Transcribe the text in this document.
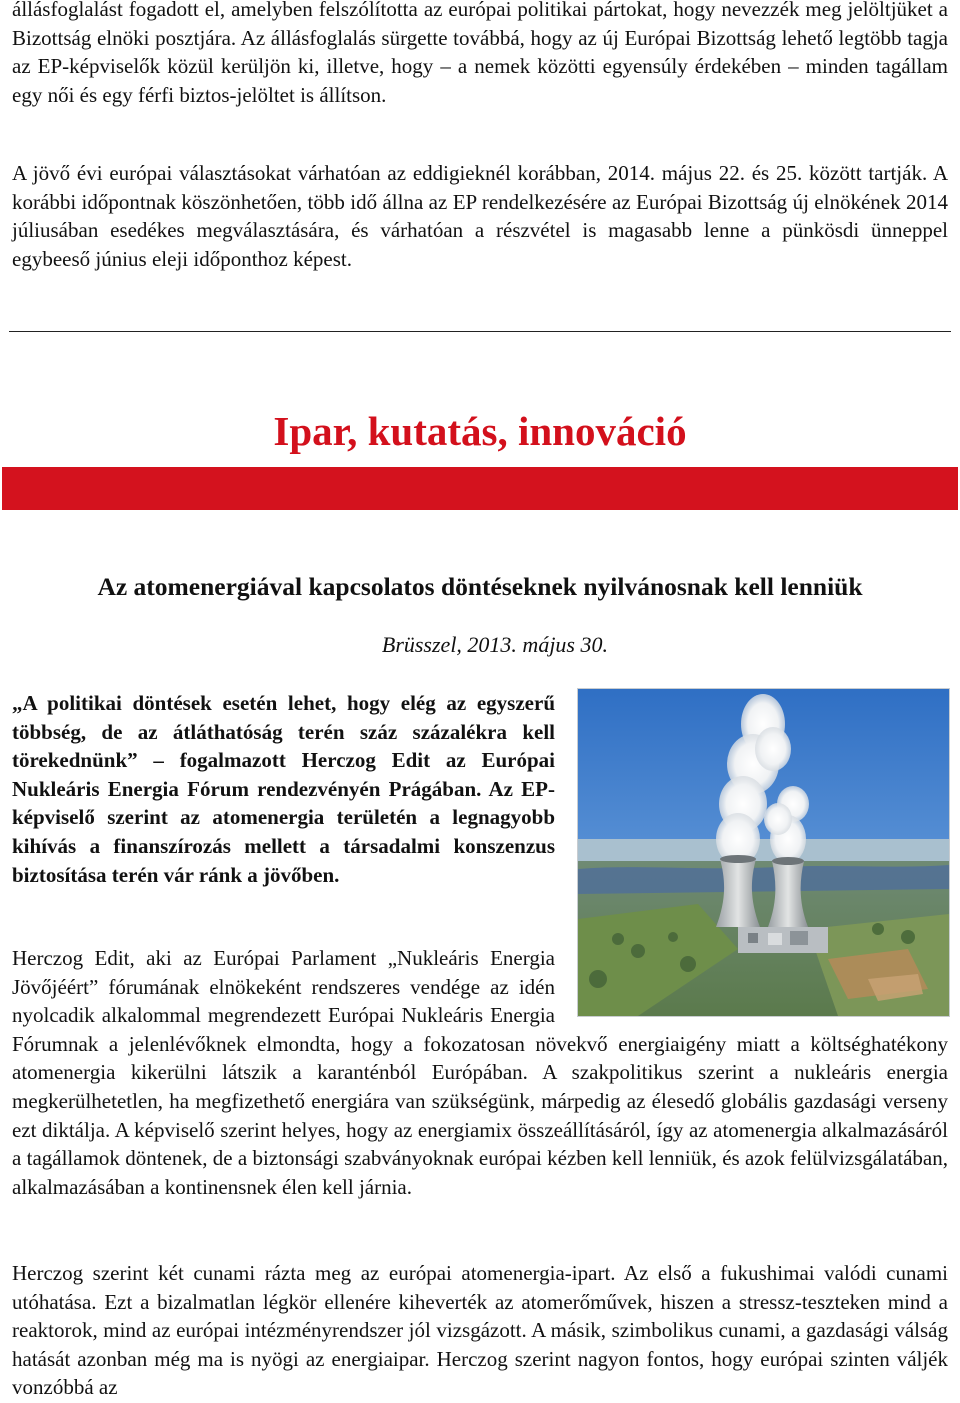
állásfoglalást fogadott el, amelyben felszólította az európai politikai pártokat, hogy nevezzék meg jelöltjüket a Bizottság elnöki posztjára. Az állásfoglalás sürgette továbbá, hogy az új Európai Bizottság lehető legtöbb tagja az EP-képviselők közül kerüljön ki, illetve, hogy – a nemek közötti egyensúly érdekében – minden tagállam egy női és egy férfi biztos-jelöltet is állítson.

A jövő évi európai választásokat várhatóan az eddigieknél korábban, 2014. május 22. és 25. között tartják. A korábbi időpontnak köszönhetően, több idő állna az EP rendelkezésére az Európai Bizottság új elnökének 2014 júliusában esedékes megválasztására, és várhatóan a részvétel is magasabb lenne a pünkösdi ünneppel egybeeső június eleji időponthoz képest.

Ipar, kutatás, innováció
Az atomenergiával kapcsolatos döntéseknek nyilvánosnak kell lenniük
Brüsszel, 2013. május 30.

„A politikai döntések esetén lehet, hogy elég az egyszerű többség, de az átláthatóság terén száz százalékra kell törekednünk” – fogalmazott Herczog Edit az Európai Nukleáris Energia Fórum rendezvényén Prágában. Az EP- képviselő szerint az atomenergia területén a legnagyobb kihívás a finanszírozás mellett a társadalmi konszenzus biztosítása terén vár ránk a jövőben.

Herczog Edit, aki az Európai Parlament „Nukleáris Energia Jövőjéért” fórumának elnökeként rendszeres vendége az idén nyolcadik alkalommal megrendezett Európai Nukleáris Energia Fórumnak a jelenlévőknek elmondta, hogy a fokozatosan növekvő energiaigény miatt a költséghatékony atomenergia kikerülni látszik a karanténból Európában. A szakpolitikus szerint a nukleáris energia megkerülhetetlen, ha megfizethető energiára van szükségünk, márpedig az élesedő globális gazdasági verseny ezt diktálja. A képviselő szerint helyes, hogy az energiamix összeállításáról, így az atomenergia alkalmazásáról a tagállamok döntenek, de a biztonsági szabványoknak európai kézben kell lenniük, és azok felülvizsgálatában, alkalmazásában a kontinensnek élen kell járnia.

Herczog szerint két cunami rázta meg az európai atomenergia-ipart. Az első a fukushimai valódi cunami utóhatása. Ezt a bizalmatlan légkör ellenére kiheverték az atomerőművek, hiszen a stressz-teszteken mind a reaktorok, mind az európai intézményrendszer jól vizsgázott. A másik, szimbolikus cunami, a gazdasági válság hatását azonban még ma is nyögi az energiaipar. Herczog szerint nagyon fontos, hogy európai szinten váljék vonzóbbá az
